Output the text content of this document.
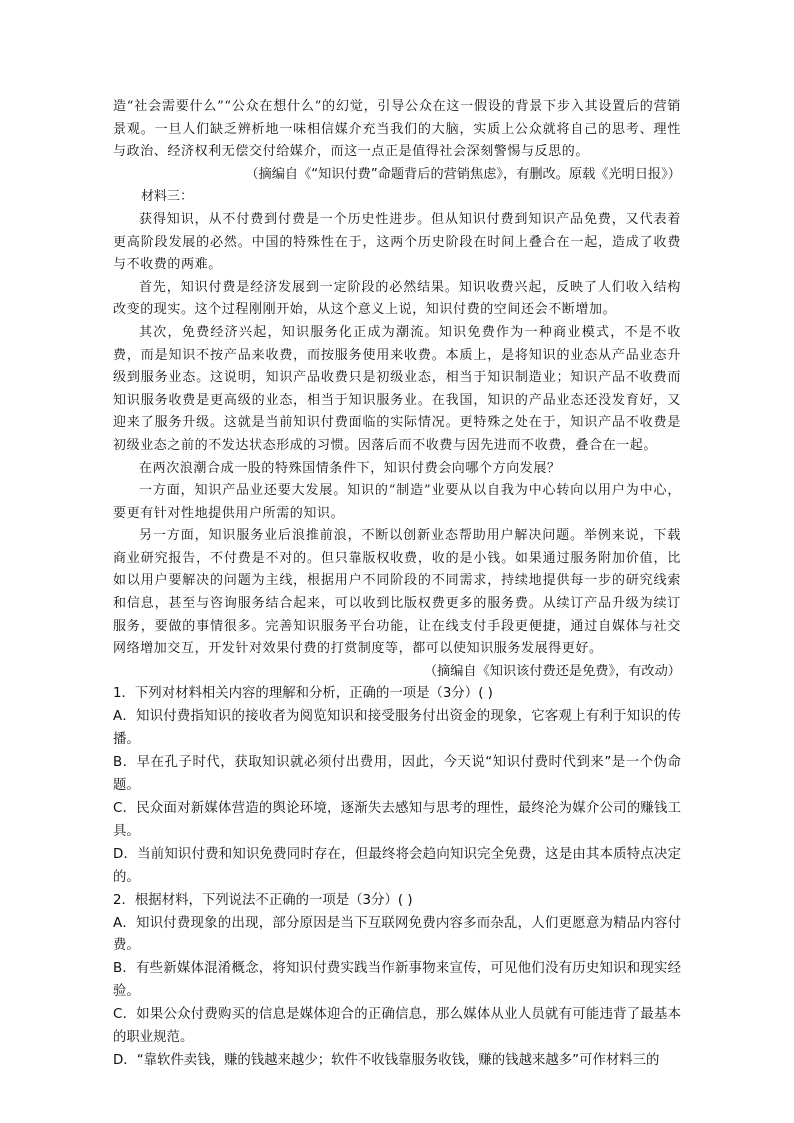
造“社会需要什么”“公众在想什么”的幻觉，引导公众在这一假设的背景下步入其设置后的营销景观。一旦人们缺乏辨析地一味相信媒介充当我们的大脑，实质上公众就将自己的思考、理性与政治、经济权利无偿交付给媒介，而这一点正是值得社会深刻警惕与反思的。

（摘编自《“知识付费”命题背后的营销焦虑》，有删改。原载《光明日报》）

材料三：

获得知识，从不付费到付费是一个历史性进步。但从知识付费到知识产品免费，又代表着更高阶段发展的必然。中国的特殊性在于，这两个历史阶段在时间上叠合在一起，造成了收费与不收费的两难。

首先，知识付费是经济发展到一定阶段的必然结果。知识收费兴起，反映了人们收入结构改变的现实。这个过程刚刚开始，从这个意义上说，知识付费的空间还会不断增加。

其次，免费经济兴起，知识服务化正成为潮流。知识免费作为一种商业模式，不是不收费，而是知识不按产品来收费，而按服务使用来收费。本质上，是将知识的业态从产品业态升级到服务业态。这说明，知识产品收费只是初级业态，相当于知识制造业；知识产品不收费而知识服务收费是更高级的业态，相当于知识服务业。在我国，知识的产品业态还没发育好，又迎来了服务升级。这就是当前知识付费面临的实际情况。更特殊之处在于，知识产品不收费是初级业态之前的不发达状态形成的习惯。因落后而不收费与因先进而不收费，叠合在一起。

在两次浪潮合成一股的特殊国情条件下，知识付费会向哪个方向发展？

一方面，知识产品业还要大发展。知识的“制造”业要从以自我为中心转向以用户为中心，要更有针对性地提供用户所需的知识。

另一方面，知识服务业后浪推前浪，不断以创新业态帮助用户解决问题。举例来说，下载商业研究报告，不付费是不对的。但只靠版权收费，收的是小钱。如果通过服务附加价值，比如以用户要解决的问题为主线，根据用户不同阶段的不同需求，持续地提供每一步的研究线索和信息，甚至与咨询服务结合起来，可以收到比版权费更多的服务费。从续订产品升级为续订服务，要做的事情很多。完善知识服务平台功能，让在线支付手段更便捷，通过自媒体与社交网络增加交互，开发针对效果付费的打赏制度等，都可以使知识服务发展得更好。

（摘编自《知识该付费还是免费》，有改动）

1．下列对材料相关内容的理解和分析，正确的一项是（3分）( )

A．知识付费指知识的接收者为阅览知识和接受服务付出资金的现象，它客观上有利于知识的传播。

B．早在孔子时代，获取知识就必须付出费用，因此，今天说“知识付费时代到来”是一个伪命题。

C．民众面对新媒体营造的舆论环境，逐渐失去感知与思考的理性，最终沦为媒介公司的赚钱工具。

D．当前知识付费和知识免费同时存在，但最终将会趋向知识完全免费，这是由其本质特点决定的。

2．根据材料，下列说法不正确的一项是（3分）( )

A．知识付费现象的出现，部分原因是当下互联网免费内容多而杂乱，人们更愿意为精品内容付费。

B．有些新媒体混淆概念，将知识付费实践当作新事物来宣传，可见他们没有历史知识和现实经验。

C．如果公众付费购买的信息是媒体迎合的正确信息，那么媒体从业人员就有可能违背了最基本的职业规范。

D．“靠软件卖钱，赚的钱越来越少；软件不收钱靠服务收钱，赚的钱越来越多”可作材料三的
